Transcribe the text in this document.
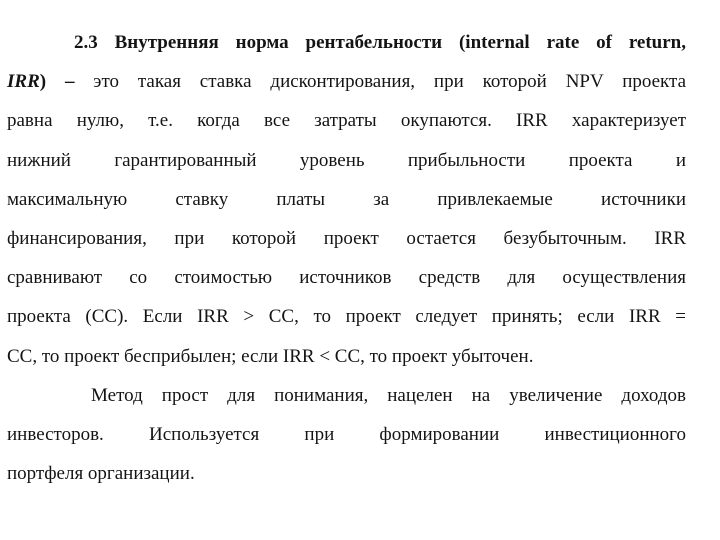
2.3 Внутренняя норма рентабельности (internal rate of return,
IRR) – это такая ставка дисконтирования, при которой NPV проекта
равна нулю, т.е. когда все затраты окупаются. IRR характеризует
нижний гарантированный уровень прибыльности проекта и
максимальную ставку платы за привлекаемые источники
финансирования, при которой проект остается безубыточным. IRR
сравнивают со стоимостью источников средств для осуществления
проекта (СС). Если IRR > CC, то проект следует принять; если IRR =
СС, то проект бесприбылен; если IRR < CC, то проект убыточен.
Метод прост для понимания, нацелен на увеличение доходов
инвесторов. Используется при формировании инвестиционного
портфеля организации.
